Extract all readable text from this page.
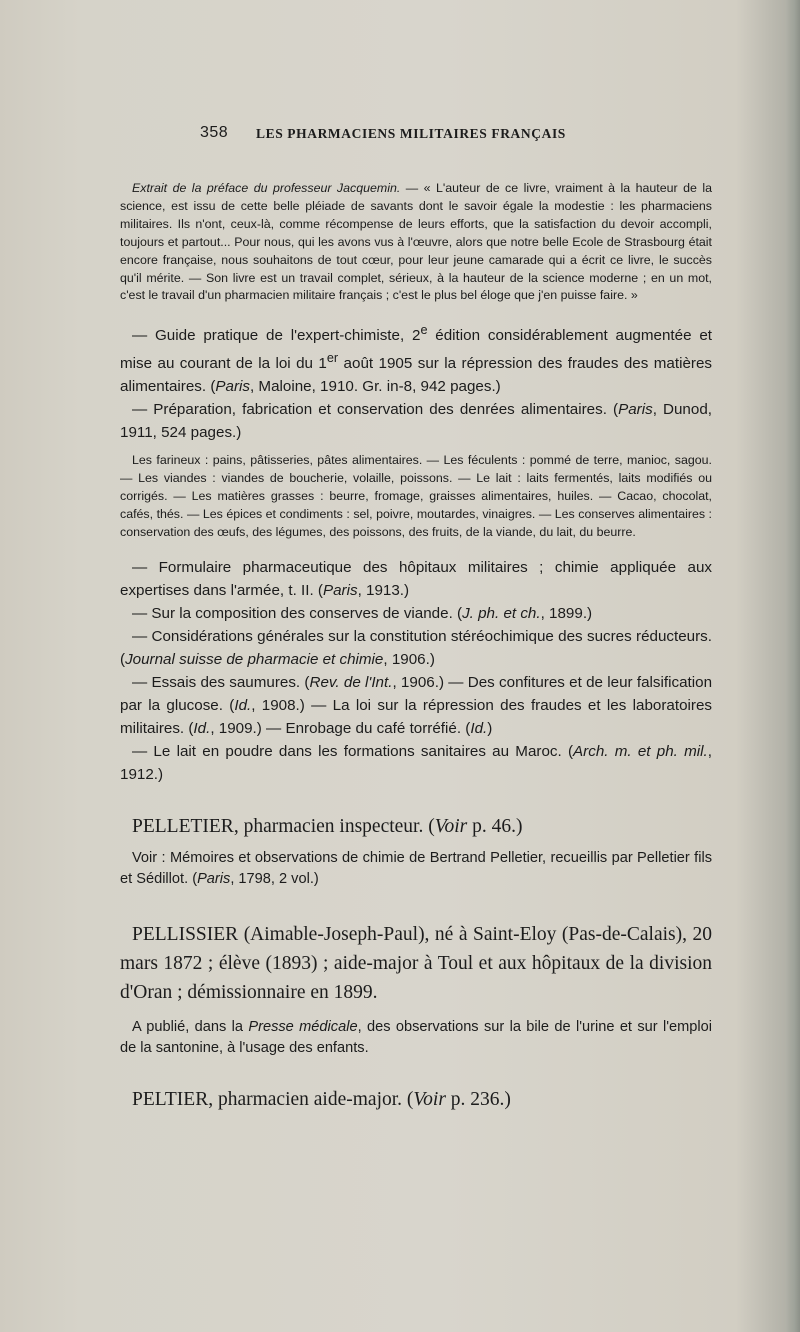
358 LES PHARMACIENS MILITAIRES FRANÇAIS

Extrait de la préface du professeur Jacquemin. — « L'auteur de ce livre, vraiment à la hauteur de la science, est issu de cette belle pléiade de savants dont le savoir égale la modestie : les pharmaciens militaires. Ils n'ont, ceux-là, comme récompense de leurs efforts, que la satisfaction du devoir accompli, toujours et partout... Pour nous, qui les avons vus à l'œuvre, alors que notre belle Ecole de Strasbourg était encore française, nous souhaitons de tout cœur, pour leur jeune camarade qui a écrit ce livre, le succès qu'il mérite. — Son livre est un travail complet, sérieux, à la hauteur de la science moderne ; en un mot, c'est le travail d'un pharmacien militaire français ; c'est le plus bel éloge que j'en puisse faire. »

— Guide pratique de l'expert-chimiste, 2e édition considérablement augmentée et mise au courant de la loi du 1er août 1905 sur la répression des fraudes des matières alimentaires. (Paris, Maloine, 1910. Gr. in-8, 942 pages.)

— Préparation, fabrication et conservation des denrées alimentaires. (Paris, Dunod, 1911, 524 pages.)

Les farineux : pains, pâtisseries, pâtes alimentaires. — Les féculents : pommé de terre, manioc, sagou. — Les viandes : viandes de boucherie, volaille, poissons. — Le lait : laits fermentés, laits modifiés ou corrigés. — Les matières grasses : beurre, fromage, graisses alimentaires, huiles. — Cacao, chocolat, cafés, thés. — Les épices et condiments : sel, poivre, moutardes, vinaigres. — Les conserves alimentaires : conservation des œufs, des légumes, des poissons, des fruits, de la viande, du lait, du beurre.

— Formulaire pharmaceutique des hôpitaux militaires ; chimie appliquée aux expertises dans l'armée, t. II. (Paris, 1913.)

— Sur la composition des conserves de viande. (J. ph. et ch., 1899.)

— Considérations générales sur la constitution stéréochimique des sucres réducteurs. (Journal suisse de pharmacie et chimie, 1906.)

— Essais des saumures. (Rev. de l'Int., 1906.) — Des confitures et de leur falsification par la glucose. (Id., 1908.) — La loi sur la répression des fraudes et les laboratoires militaires. (Id., 1909.) — Enrobage du café torréfié. (Id.)

— Le lait en poudre dans les formations sanitaires au Maroc. (Arch. m. et ph. mil., 1912.)

PELLETIER, pharmacien inspecteur. (Voir p. 46.)

Voir : Mémoires et observations de chimie de Bertrand Pelletier, recueillis par Pelletier fils et Sédillot. (Paris, 1798, 2 vol.)

PELLISSIER (Aimable-Joseph-Paul), né à Saint-Eloy (Pas-de-Calais), 20 mars 1872 ; élève (1893) ; aide-major à Toul et aux hôpitaux de la division d'Oran ; démissionnaire en 1899.

A publié, dans la Presse médicale, des observations sur la bile de l'urine et sur l'emploi de la santonine, à l'usage des enfants.

PELTIER, pharmacien aide-major. (Voir p. 236.)
